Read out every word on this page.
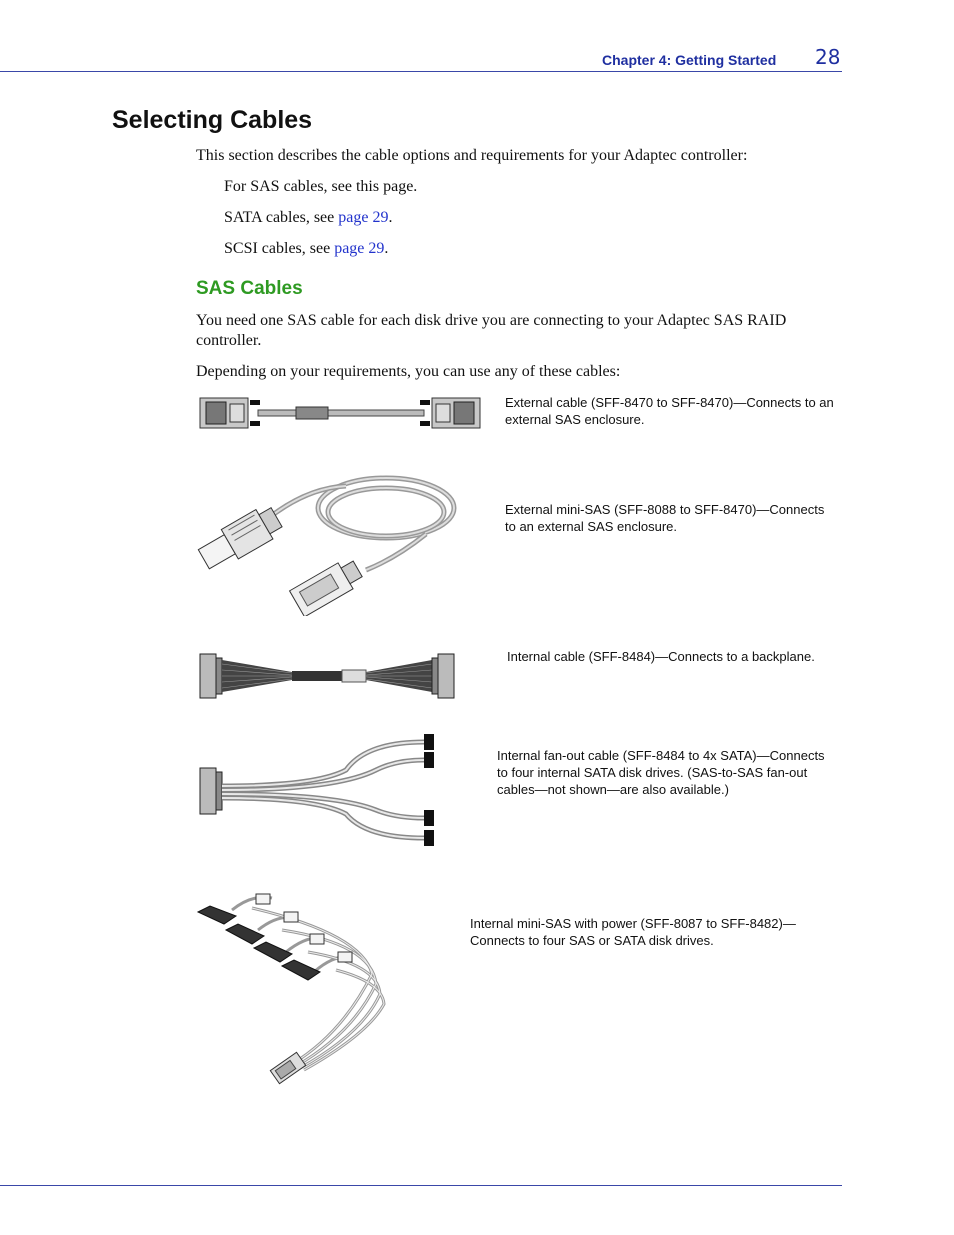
Chapter 4: Getting Started 28
Selecting Cables
This section describes the cable options and requirements for your Adaptec controller:
For SAS cables, see this page.
SATA cables, see page 29.
SCSI cables, see page 29.
SAS Cables
You need one SAS cable for each disk drive you are connecting to your Adaptec SAS RAID controller.
Depending on your requirements, you can use any of these cables:
External cable (SFF-8470 to SFF-8470)—Connects to an external SAS enclosure.
External mini-SAS (SFF-8088 to SFF-8470)—Connects to an external SAS enclosure.
Internal cable (SFF-8484)—Connects to a backplane.
Internal fan-out cable (SFF-8484 to 4x SATA)—Connects to four internal SATA disk drives. (SAS-to-SAS fan-out cables—not shown—are also available.)
Internal mini-SAS with power (SFF-8087 to SFF-8482)—Connects to four SAS or SATA disk drives.
